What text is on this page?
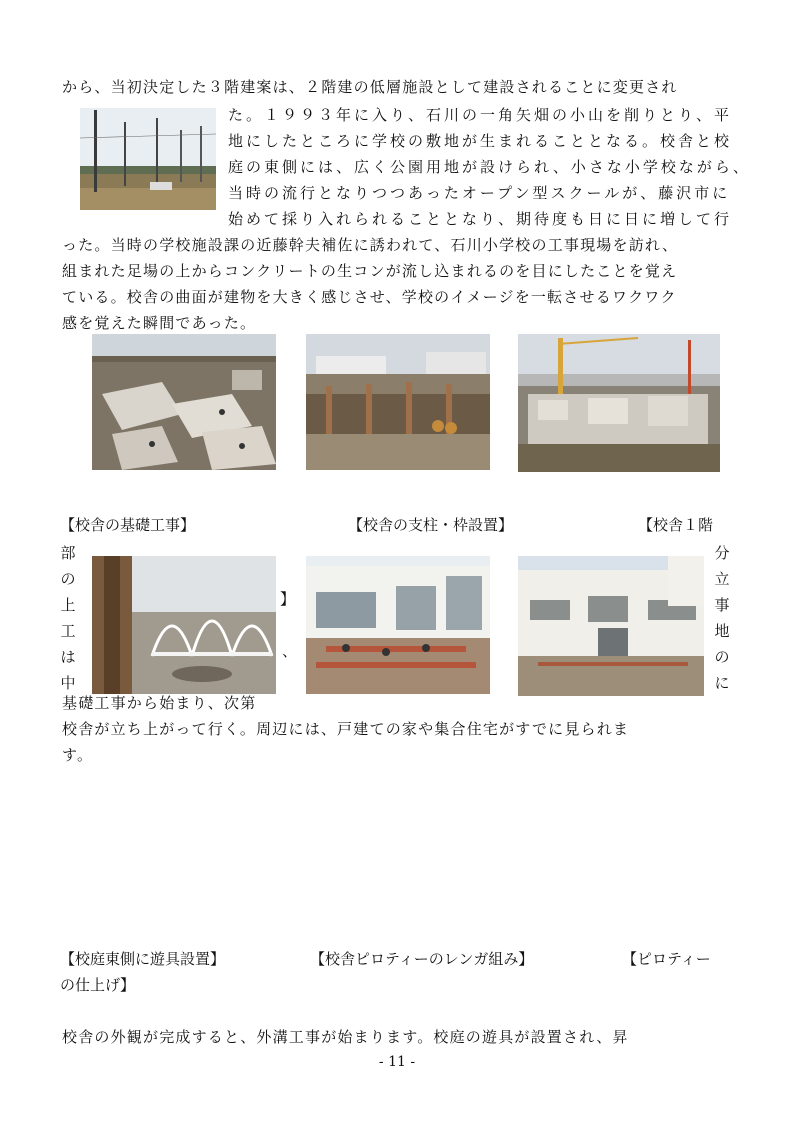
から、当初決定した３階建案は、２階建の低層施設として建設されることに変更され
た。１９９３年に入り、石川の一角矢畑の小山を削りとり、平
地にしたところに学校の敷地が生まれることとなる。校舎と校
庭の東側には、広く公園用地が設けられ、小さな小学校ながら、
当時の流行となりつつあったオープン型スクールが、藤沢市に
始めて採り入れられることとなり、期待度も日に日に増して行
った。当時の学校施設課の近藤幹夫補佐に誘われて、石川小学校の工事現場を訪れ、
組まれた足場の上からコンクリートの生コンが流し込まれるのを目にしたことを覚え
ている。校舎の曲面が建物を大きく感じさせ、学校のイメージを一転させるワクワク
感を覚えた瞬間であった。
【校舎の基礎工事】	【校舎の支柱・枠設置】	【校舎１階
部
の
上
工
は
中
分
立
事
地
の
に
】
、
基礎工事から始まり、次第
校舎が立ち上がって行く。周辺には、戸建ての家や集合住宅がすでに見られま
す。
【校庭東側に遊具設置】	【校舎ピロティーのレンガ組み】	【ピロティー
の仕上げ】
校舎の外観が完成すると、外溝工事が始まります。校庭の遊具が設置され、昇
- 11 -
